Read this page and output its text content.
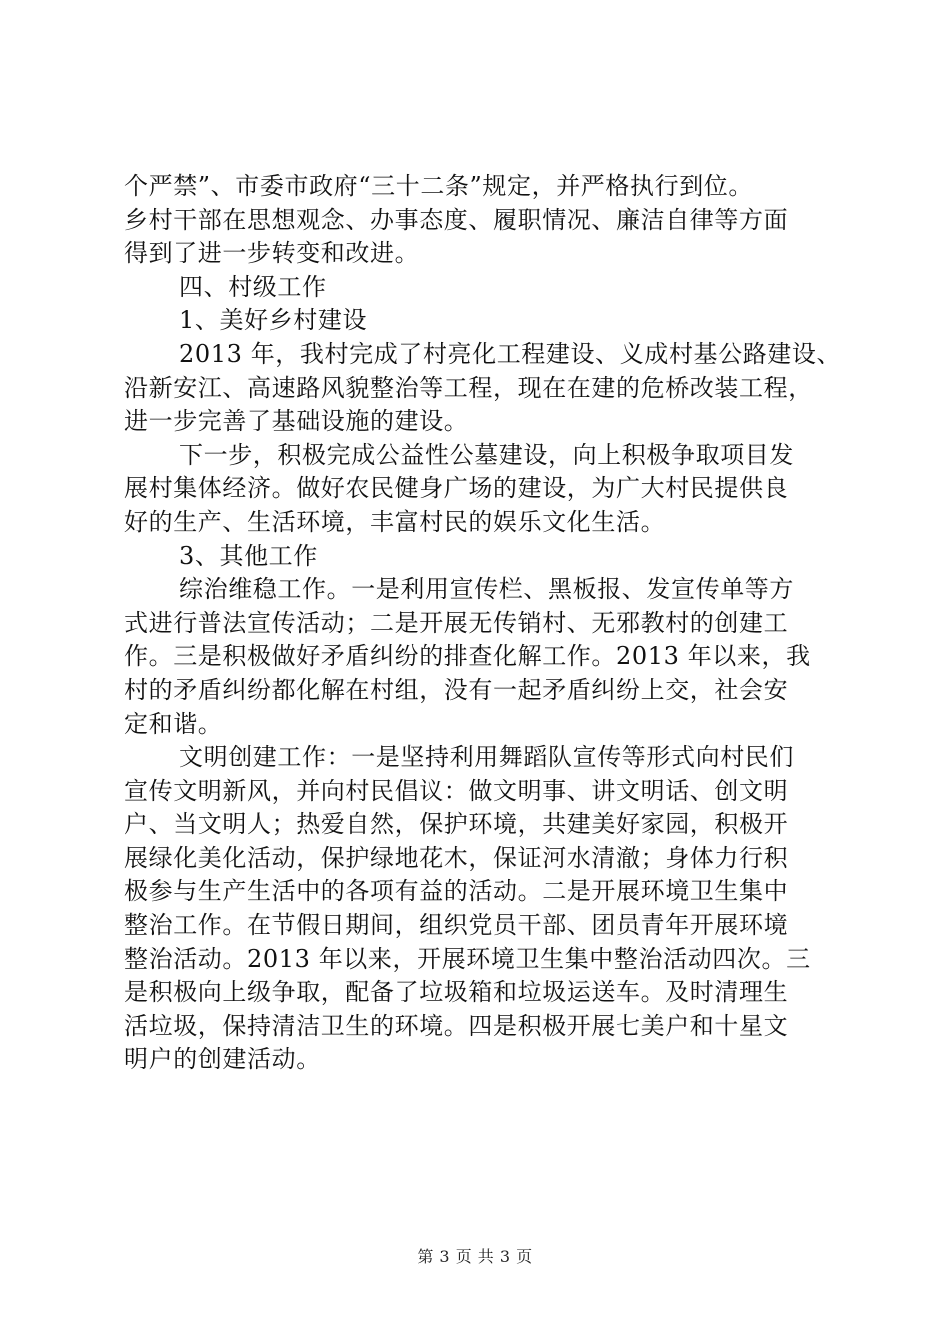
个严禁”、市委市政府“三十二条”规定，并严格执行到位。
乡村干部在思想观念、办事态度、履职情况、廉洁自律等方面
得到了进一步转变和改进。
四、村级工作
1、美好乡村建设
2013 年，我村完成了村亮化工程建设、义成村基公路建设、
沿新安江、高速路风貌整治等工程，现在在建的危桥改装工程，
进一步完善了基础设施的建设。
下一步，积极完成公益性公墓建设，向上积极争取项目发
展村集体经济。做好农民健身广场的建设，为广大村民提供良
好的生产、生活环境，丰富村民的娱乐文化生活。
3、其他工作
综治维稳工作。一是利用宣传栏、黑板报、发宣传单等方
式进行普法宣传活动；二是开展无传销村、无邪教村的创建工
作。三是积极做好矛盾纠纷的排查化解工作。2013 年以来，我
村的矛盾纠纷都化解在村组，没有一起矛盾纠纷上交，社会安
定和谐。
文明创建工作：一是坚持利用舞蹈队宣传等形式向村民们
宣传文明新风，并向村民倡议：做文明事、讲文明话、创文明
户、当文明人；热爱自然，保护环境，共建美好家园，积极开
展绿化美化活动，保护绿地花木，保证河水清澈；身体力行积
极参与生产生活中的各项有益的活动。二是开展环境卫生集中
整治工作。在节假日期间，组织党员干部、团员青年开展环境
整治活动。2013 年以来，开展环境卫生集中整治活动四次。三
是积极向上级争取，配备了垃圾箱和垃圾运送车。及时清理生
活垃圾，保持清洁卫生的环境。四是积极开展七美户和十星文
明户的创建活动。
第 3 页 共 3 页
